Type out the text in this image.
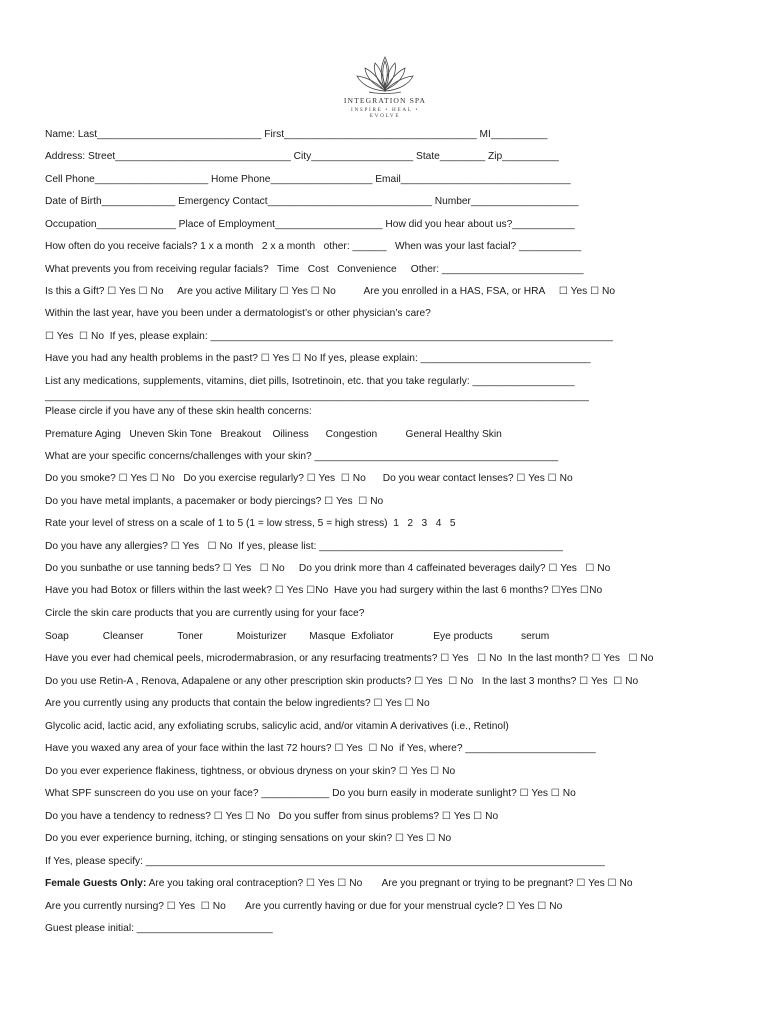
INTEGRATION SPA
INSPIRE • HEAL • EVOLVE
Name: Last_____________________________ First__________________________________ MI__________
Address: Street_______________________________ City__________________ State________ Zip__________
Cell Phone____________________ Home Phone__________________ Email______________________________
Date of Birth_____________ Emergency Contact_____________________________ Number___________________
Occupation______________ Place of Employment___________________ How did you hear about us?___________
How often do you receive facials? 1 x a month   2 x a month   other: ______   When was your last facial? ___________
What prevents you from receiving regular facials?   Time   Cost   Convenience     Other: _________________________
Is this a Gift? ☐ Yes ☐ No     Are you active Military ☐ Yes ☐ No          Are you enrolled in a HAS, FSA, or HRA     ☐ Yes ☐ No
Within the last year, have you been under a dermatologist’s or other physician’s care?
☐ Yes  ☐ No  If yes, please explain: _______________________________________________________________________
Have you had any health problems in the past? ☐ Yes ☐ No If yes, please explain: ______________________________
List any medications, supplements, vitamins, diet pills, Isotretinoin, etc. that you take regularly: __________________
________________________________________________________________________________________________
Please circle if you have any of these skin health concerns:
Premature Aging   Uneven Skin Tone   Breakout    Oiliness      Congestion          General Healthy Skin
What are your specific concerns/challenges with your skin? ___________________________________________
Do you smoke? ☐ Yes ☐ No   Do you exercise regularly? ☐ Yes  ☐ No      Do you wear contact lenses? ☐ Yes ☐ No
Do you have metal implants, a pacemaker or body piercings? ☐ Yes  ☐ No
Rate your level of stress on a scale of 1 to 5 (1 = low stress, 5 = high stress)  1   2   3   4   5
Do you have any allergies? ☐ Yes   ☐ No  If yes, please list: ___________________________________________
Do you sunbathe or use tanning beds? ☐ Yes   ☐ No     Do you drink more than 4 caffeinated beverages daily? ☐ Yes   ☐ No
Have you had Botox or fillers within the last week? ☐ Yes ☐No  Have you had surgery within the last 6 months? ☐Yes ☐No
Circle the skin care products that you are currently using for your face?
Soap            Cleanser            Toner            Moisturizer        Masque  Exfoliator              Eye products          serum
Have you ever had chemical peels, microdermabrasion, or any resurfacing treatments? ☐ Yes   ☐ No  In the last month? ☐ Yes   ☐ No
Do you use Retin-A , Renova, Adapalene or any other prescription skin products? ☐ Yes  ☐ No   In the last 3 months? ☐ Yes  ☐ No
Are you currently using any products that contain the below ingredients? ☐ Yes ☐ No
Glycolic acid, lactic acid, any exfoliating scrubs, salicylic acid, and/or vitamin A derivatives (i.e., Retinol)
Have you waxed any area of your face within the last 72 hours? ☐ Yes  ☐ No  if Yes, where? _______________________
Do you ever experience flakiness, tightness, or obvious dryness on your skin? ☐ Yes ☐ No
What SPF sunscreen do you use on your face? ____________ Do you burn easily in moderate sunlight? ☐ Yes ☐ No
Do you have a tendency to redness? ☐ Yes ☐ No   Do you suffer from sinus problems? ☐ Yes ☐ No
Do you ever experience burning, itching, or stinging sensations on your skin? ☐ Yes ☐ No
If Yes, please specify: _________________________________________________________________________________
Female Guests Only: Are you taking oral contraception? ☐ Yes ☐ No       Are you pregnant or trying to be pregnant? ☐ Yes ☐ No
Are you currently nursing? ☐ Yes  ☐ No       Are you currently having or due for your menstrual cycle? ☐ Yes ☐ No
Guest please initial: ________________________
